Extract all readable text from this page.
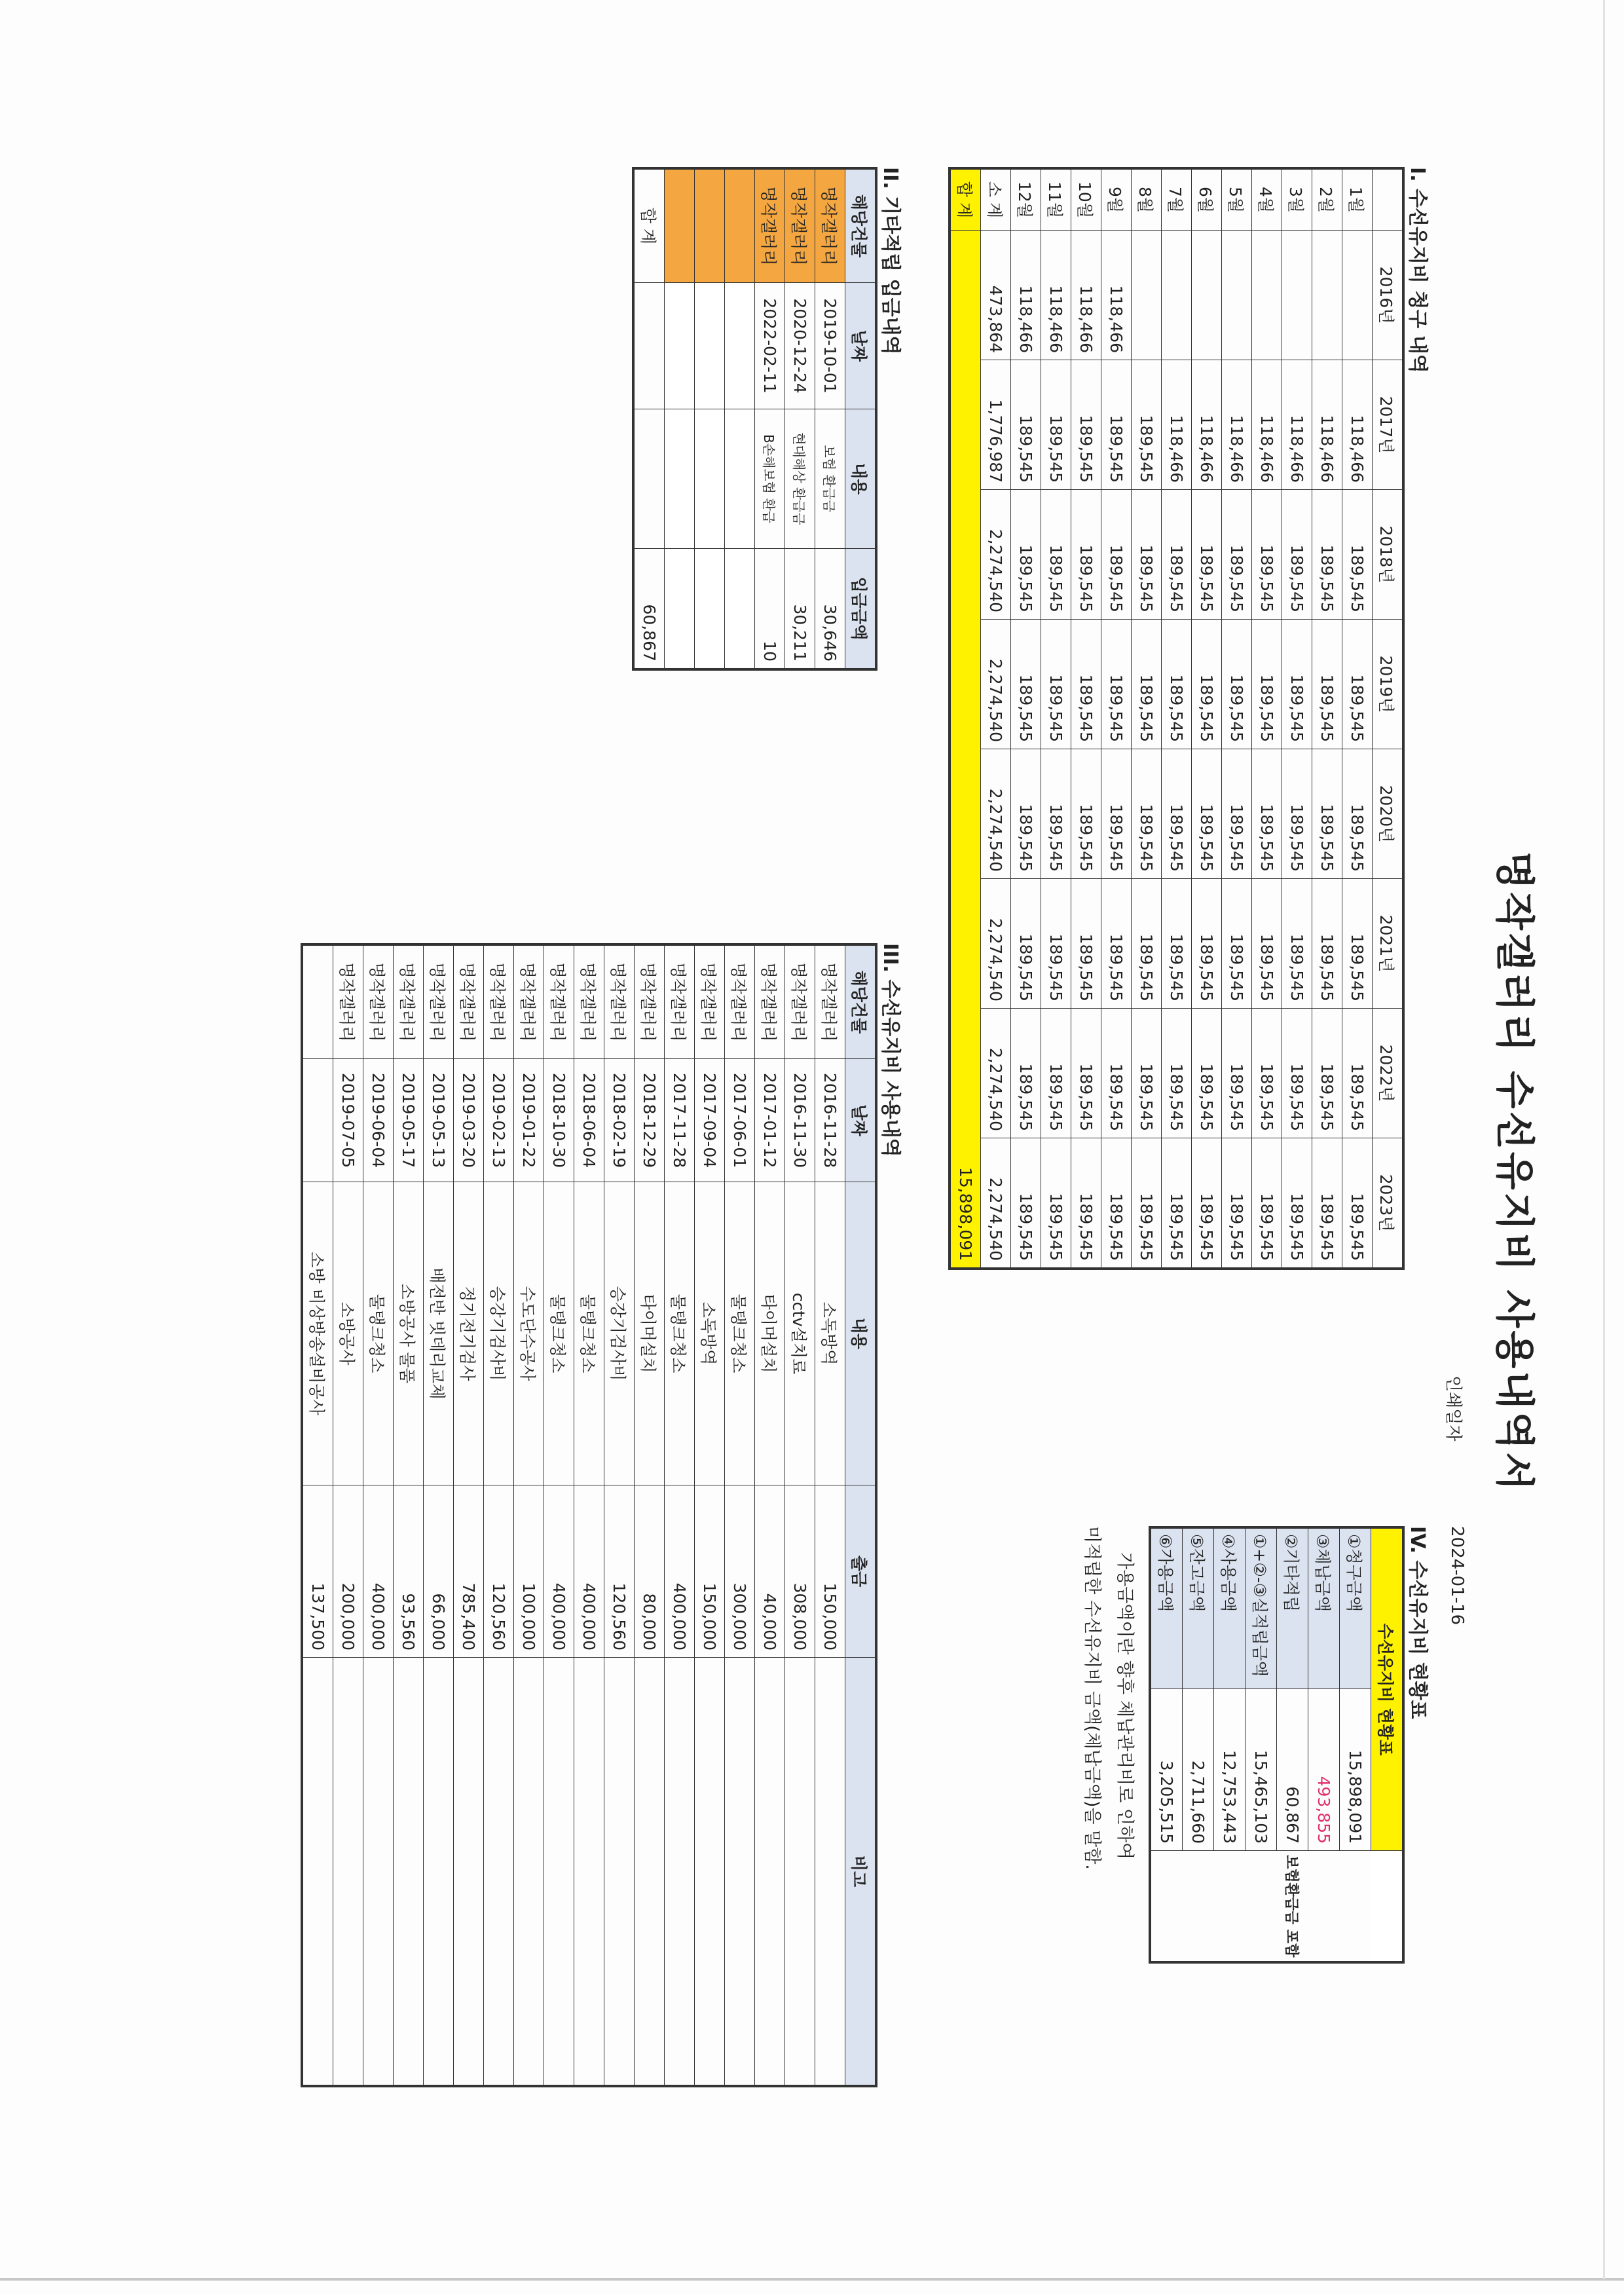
명작갤러리 수선유지비 사용내역서
인쇄일자
2024-01-16
I. 수선유지비 청구 내역
	2016년	2017년	2018년	2019년	2020년	2021년	2022년	2023년
1월		118,466	189,545	189,545	189,545	189,545	189,545	189,545
2월		118,466	189,545	189,545	189,545	189,545	189,545	189,545
3월		118,466	189,545	189,545	189,545	189,545	189,545	189,545
4월		118,466	189,545	189,545	189,545	189,545	189,545	189,545
5월		118,466	189,545	189,545	189,545	189,545	189,545	189,545
6월		118,466	189,545	189,545	189,545	189,545	189,545	189,545
7월		118,466	189,545	189,545	189,545	189,545	189,545	189,545
8월		189,545	189,545	189,545	189,545	189,545	189,545	189,545
9월	118,466	189,545	189,545	189,545	189,545	189,545	189,545	189,545
10월	118,466	189,545	189,545	189,545	189,545	189,545	189,545	189,545
11월	118,466	189,545	189,545	189,545	189,545	189,545	189,545	189,545
12월	118,466	189,545	189,545	189,545	189,545	189,545	189,545	189,545
소 계	473,864	1,776,987	2,274,540	2,274,540	2,274,540	2,274,540	2,274,540	2,274,540
합 계	15,898,091							
IV. 수선유지비 현황표
수선유지비 현황표		
①청구금액	15,898,091	
③체납금액	493,855	
②기타적립	60,867	보험환급금 포함
①+②-③실적립금액	15,465,103	
④사용금액	12,753,443	
⑤잔고금액	2,711,660	
⑥가용금액	3,205,515	
가용금액이란 향후 체납관리비로 인하여
미적립한 수선유지비 금액(체납금액)을 말함.
II. 기타적립 입금내역
해당건물	날짜	내용	입금금액
명작갤러리	2019-10-01	보험 환급금	30,646
명작갤러리	2020-12-24	현대해상 환급금	30,211
명작갤러리	2022-02-11	B손해보험 환급	10

합 계			60,867
III. 수선유지비 사용내역
해당건물	날짜	내용	출금	비고
명작갤러리	2016-11-28	소독방역	150,000	
명작갤러리	2016-11-30	cctv설치료	308,000	
명작갤러리	2017-01-12	타이머설치	40,000	
명작갤러리	2017-06-01	물탱크청소	300,000	
명작갤러리	2017-09-04	소독방역	150,000	
명작갤러리	2017-11-28	물탱크청소	400,000	
명작갤러리	2018-12-29	타이머설치	80,000	
명작갤러리	2018-02-19	승강기검사비	120,560	
명작갤러리	2018-06-04	물탱크청소	400,000	
명작갤러리	2018-10-30	물탱크청소	400,000	
명작갤러리	2019-01-22	수도단수공사	100,000	
명작갤러리	2019-02-13	승강기검사비	120,560	
명작갤러리	2019-03-20	정기전기검사	785,400	
명작갤러리	2019-05-13	배전반 빗데리교체	66,000	
명작갤러리	2019-05-17	소방공사 물품	93,560	
명작갤러리	2019-06-04	물탱크청소	400,000	
명작갤러리	2019-07-05	소방공사	200,000	
		소방 비상방송설비공사	137,500	
